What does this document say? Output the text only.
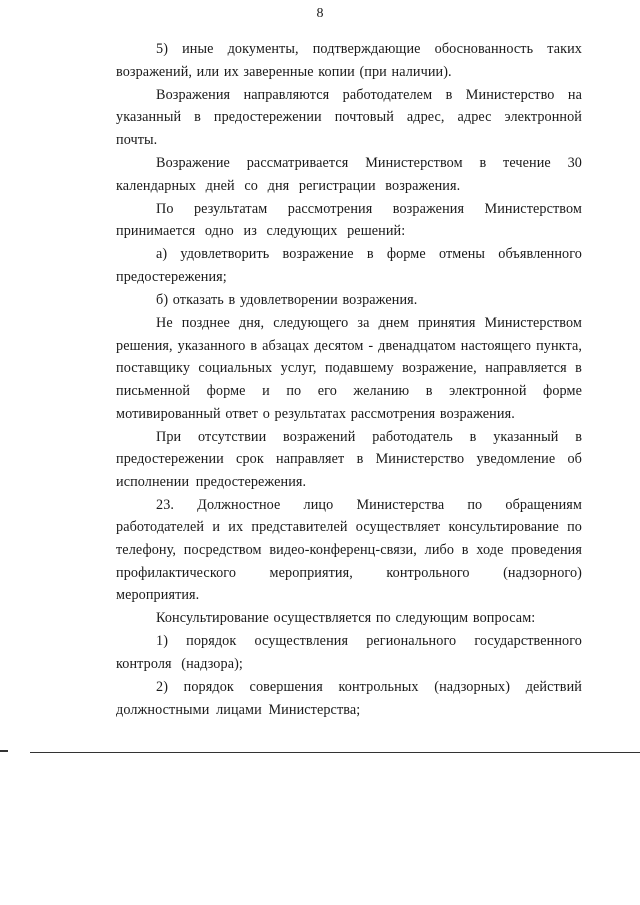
8

5) иные документы, подтверждающие обоснованность таких возражений, или их заверенные копии (при наличии).

Возражения направляются работодателем в Министерство на указанный в предостережении почтовый адрес, адрес электронной почты.

Возражение рассматривается Министерством в течение 30 календарных дней со дня регистрации возражения.

По результатам рассмотрения возражения Министерством принимается одно из следующих решений:

а) удовлетворить возражение в форме отмены объявленного предостережения;

б) отказать в удовлетворении возражения.

Не позднее дня, следующего за днем принятия Министерством решения, указанного в абзацах десятом - двенадцатом настоящего пункта, поставщику социальных услуг, подавшему возражение, направляется в письменной форме и по его желанию в электронной форме мотивированный ответ о результатах рассмотрения возражения.

При отсутствии возражений работодатель в указанный в предостережении срок направляет в Министерство уведомление об исполнении предостережения.

23. Должностное лицо Министерства по обращениям работодателей и их представителей осуществляет консультирование по телефону, посредством видео-конференц-связи, либо в ходе проведения профилактического мероприятия, контрольного (надзорного) мероприятия.

Консультирование осуществляется по следующим вопросам:

1) порядок осуществления регионального государственного контроля (надзора);

2) порядок совершения контрольных (надзорных) действий должностными лицами Министерства;
